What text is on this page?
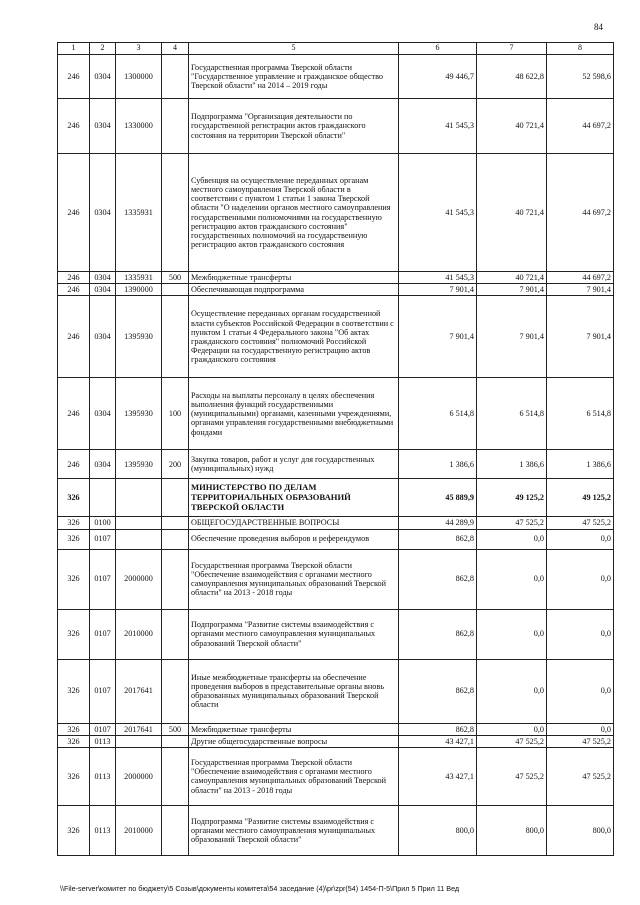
84
1	2	3	4	5	6	7	8
246	0304	1300000		Государственная программа Тверской области "Государственное управление и гражданское общество Тверской области" на 2014 – 2019 годы	49 446,7	48 622,8	52 598,6
246	0304	1330000		Подпрограмма "Организация деятельности по государственной регистрации актов гражданского состояния на территории Тверской области"	41 545,3	40 721,4	44 697,2
246	0304	1335931		Субвенция на осуществление переданных органам местного самоуправления Тверской области в соответствии с пунктом 1 статьи 1 закона Тверской области "О наделении органов местного самоуправления государственными полномочиями на государственную регистрацию актов гражданского состояния" государственных полномочий на государственную регистрацию актов гражданского состояния	41 545,3	40 721,4	44 697,2
246	0304	1335931	500	Межбюджетные трансферты	41 545,3	40 721,4	44 697,2
246	0304	1390000		Обеспечивающая подпрограмма	7 901,4	7 901,4	7 901,4
246	0304	1395930		Осуществление переданных органам государственной власти субъектов Российской Федерации в соответствии с пунктом 1 статьи 4 Федерального закона "Об актах гражданского состояния" полномочий Российской Федерации на государственную регистрацию актов гражданского состояния	7 901,4	7 901,4	7 901,4
246	0304	1395930	100	Расходы на выплаты персоналу в целях обеспечения выполнения функций государственными (муниципальными) органами, казенными учреждениями, органами управления государственными внебюджетными фондами	6 514,8	6 514,8	6 514,8
246	0304	1395930	200	Закупка товаров, работ и услуг для государственных (муниципальных) нужд	1 386,6	1 386,6	1 386,6
326				МИНИСТЕРСТВО ПО ДЕЛАМ ТЕРРИТОРИАЛЬНЫХ ОБРАЗОВАНИЙ ТВЕРСКОЙ ОБЛАСТИ	45 889,9	49 125,2	49 125,2
326	0100			ОБЩЕГОСУДАРСТВЕННЫЕ ВОПРОСЫ	44 289,9	47 525,2	47 525,2
326	0107			Обеспечение проведения выборов и референдумов	862,8	0,0	0,0
326	0107	2000000		Государственная программа Тверской области "Обеспечение взаимодействия с органами местного самоуправления муниципальных образований Тверской области" на 2013 - 2018 годы	862,8	0,0	0,0
326	0107	2010000		Подпрограмма "Развитие системы взаимодействия с органами местного самоуправления муниципальных образований Тверской области"	862,8	0,0	0,0
326	0107	2017641		Иные межбюджетные трансферты на обеспечение проведения выборов в представительные органы вновь образованных муниципальных образований Тверской области	862,8	0,0	0,0
326	0107	2017641	500	Межбюджетные трансферты	862,8	0,0	0,0
326	0113			Другие общегосударственные вопросы	43 427,1	47 525,2	47 525,2
326	0113	2000000		Государственная программа Тверской области "Обеспечение взаимодействия с органами местного самоуправления муниципальных образований Тверской области" на 2013 - 2018 годы	43 427,1	47 525,2	47 525,2
326	0113	2010000		Подпрограмма "Развитие системы взаимодействия с органами местного самоуправления муниципальных образований Тверской области"	800,0	800,0	800,0
\\File-server\комитет по бюджету\5 Созыв\документы комитета\54 заседание (4)\pr\zpr(54) 1454-П-5\Прил 5 Прил 11 Вед
